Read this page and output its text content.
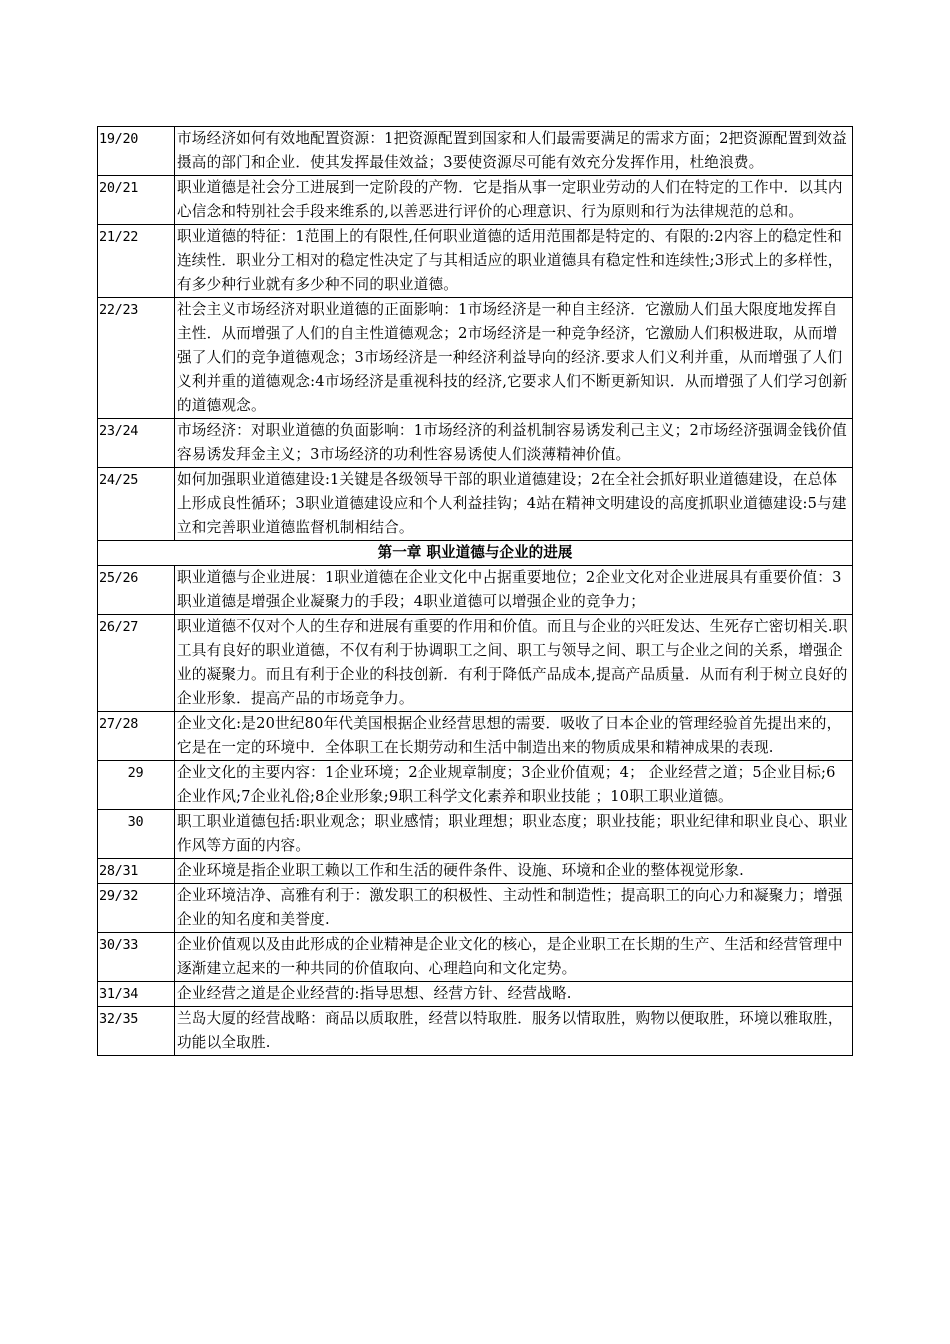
19/20	市场经济如何有效地配置资源：1把资源配置到国家和人们最需要满足的需求方面；2把资源配置到效益摄高的部门和企业．使其发挥最佳效益；3要使资源尽可能有效充分发挥作用，杜绝浪费。
20/21	职业道德是社会分工进展到一定阶段的产物．它是指从事一定职业劳动的人们在特定的工作中．以其内心信念和特别社会手段来维系的,以善恶进行评价的心理意识、行为原则和行为法律规范的总和。
21/22	职业道德的特征：1范围上的有限性,任何职业道德的适用范围都是特定的、有限的:2内容上的稳定性和连续性．职业分工相对的稳定性决定了与其相适应的职业道德具有稳定性和连续性;3形式上的多样性，有多少种行业就有多少种不同的职业道德。
22/23	社会主义市场经济对职业道德的正面影响：1市场经济是一种自主经济．它激励人们虽大限度地发挥自主性．从而增强了人们的自主性道德观念；2市场经济是一种竞争经济，它激励人们积极进取，从而增强了人们的竞争道德观念；3市场经济是一种经济利益导向的经济.要求人们义利并重，从而增强了人们义利并重的道德观念:4市场经济是重视科技的经济,它要求人们不断更新知识．从而增强了人们学习创新的道德观念。
23/24	市场经济：对职业道德的负面影响：1市场经济的利益机制容易诱发利己主义；2市场经济强调金钱价值容易诱发拜金主义；3市场经济的功利性容易诱使人们淡薄精神价值。
24/25	如何加强职业道德建设:1关键是各级领导干部的职业道德建设；2在全社会抓好职业道德建设，在总体上形成良性循环；3职业道德建设应和个人利益挂钩；4站在精神文明建设的高度抓职业道德建设:5与建立和完善职业道德监督机制相结合。
第一章 职业道德与企业的进展	
25/26	职业道德与企业进展：1职业道德在企业文化中占据重要地位；2企业文化对企业进展具有重要价值：3职业道德是增强企业凝聚力的手段；4职业道德可以增强企业的竞争力；
26/27	职业道德不仅对个人的生存和进展有重要的作用和价值。而且与企业的兴旺发达、生死存亡密切相关.职工具有良好的职业道德，不仅有利于协调职工之间、职工与领导之间、职工与企业之间的关系，增强企业的凝聚力。而且有利于企业的科技创新．有利于降低产品成本,提高产品质量．从而有利于树立良好的企业形象．提高产品的市场竞争力。
27/28	企业文化:是20世纪80年代美国根据企业经营思想的需要．吸收了日本企业的管理经验首先提出来的，它是在一定的环境中．全体职工在长期劳动和生活中制造出来的物质成果和精神成果的表现.
29	企业文化的主要内容：1企业环境；2企业规章制度；3企业价值观；4； 企业经营之道；5企业目标;6企业作风;7企业礼俗;8企业形象;9职工科学文化素养和职业技能 ；10职工职业道德。
30	职工职业道德包括:职业观念；职业感情；职业理想；职业态度；职业技能；职业纪律和职业良心、职业作风等方面的内容。
28/31	企业环境是指企业职工赖以工作和生活的硬件条件、设施、环境和企业的整体视觉形象.
29/32	企业环境洁净、高雅有利于：激发职工的积极性、主动性和制造性；提高职工的向心力和凝聚力；增强企业的知名度和美誉度.
30/33	企业价值观以及由此形成的企业精神是企业文化的核心，是企业职工在长期的生产、生活和经营管理中逐渐建立起来的一种共同的价值取向、心理趋向和文化定势。
31/34	企业经营之道是企业经营的:指导思想、经营方针、经营战略.
32/35	兰岛大厦的经营战略：商品以质取胜，经营以特取胜．服务以情取胜，购物以便取胜，环境以雅取胜，功能以全取胜.
